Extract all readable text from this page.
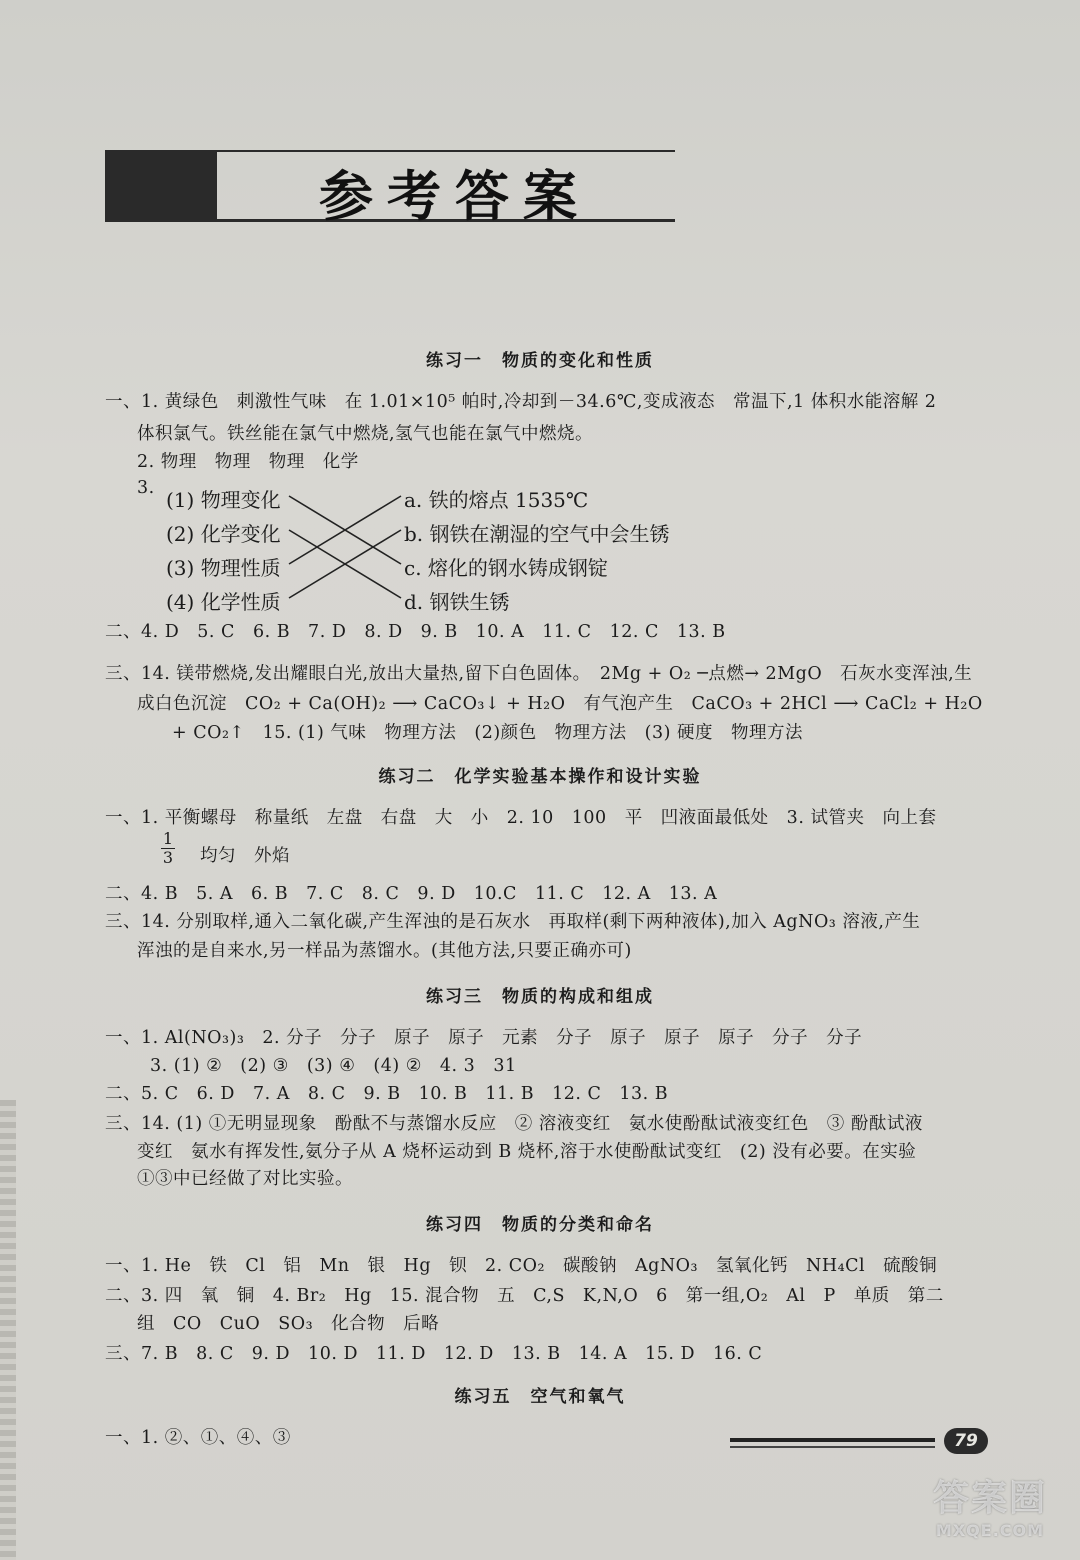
参考答案
练习一　物质的变化和性质
一、1. 黄绿色　刺激性气味　在 1.01×10⁵ 帕时,冷却到－34.6℃,变成液态　常温下,1 体积水能溶解 2
体积氯气。铁丝能在氯气中燃烧,氢气也能在氯气中燃烧。
2. 物理　物理　物理　化学
3. (1) 物理变化
(2) 化学变化
(3) 物理性质
(4) 化学性质
a. 铁的熔点 1535℃
b. 钢铁在潮湿的空气中会生锈
c. 熔化的钢水铸成钢锭
d. 钢铁生锈
二、4. D　5. C　6. B　7. D　8. D　9. B　10. A　11. C　12. C　13. B
三、14. 镁带燃烧,发出耀眼白光,放出大量热,留下白色固体。　2Mg + O₂ ─点燃→ 2MgO　石灰水变浑浊,生
成白色沉淀　CO₂ + Ca(OH)₂ ⟶ CaCO₃↓ + H₂O　有气泡产生　CaCO₃ + 2HCl ⟶ CaCl₂ + H₂O
+ CO₂↑　15. (1) 气味　物理方法　(2)颜色　物理方法　(3) 硬度　物理方法
练习二　化学实验基本操作和设计实验
一、1. 平衡螺母　称量纸　左盘　右盘　大　小　2. 10　100　平　凹液面最低处　3. 试管夹　向上套
1
3 均匀　外焰
二、4. B　5. A　6. B　7. C　8. C　9. D　10.C　11. C　12. A　13. A
三、14. 分别取样,通入二氧化碳,产生浑浊的是石灰水　再取样(剩下两种液体),加入 AgNO₃ 溶液,产生
浑浊的是自来水,另一样品为蒸馏水。(其他方法,只要正确亦可)
练习三　物质的构成和组成
一、1. Al(NO₃)₃　2. 分子　分子　原子　原子　元素　分子　原子　原子　原子　分子　分子
3. (1) ②　(2) ③　(3) ④　(4) ②　4. 3　31
二、5. C　6. D　7. A　8. C　9. B　10. B　11. B　12. C　13. B
三、14. (1) ①无明显现象　酚酞不与蒸馏水反应　② 溶液变红　氨水使酚酞试液变红色　③ 酚酞试液
变红　氨水有挥发性,氨分子从 A 烧杯运动到 B 烧杯,溶于水使酚酞试变红　(2) 没有必要。在实验
①③中已经做了对比实验。
练习四　物质的分类和命名
一、1. He　铁　Cl　铝　Mn　银　Hg　钡　2. CO₂　碳酸钠　AgNO₃　氢氧化钙　NH₄Cl　硫酸铜
二、3. 四　氧　铜　4. Br₂　Hg　15. 混合物　五　C,S　K,N,O　6　第一组,O₂　Al　P　单质　第二
组　CO　CuO　SO₃　化合物　后略
三、7. B　8. C　9. D　10. D　11. D　12. D　13. B　14. A　15. D　16. C
练习五　空气和氧气
一、1. ②、①、④、③	79
答案圈
MXQE.COM
